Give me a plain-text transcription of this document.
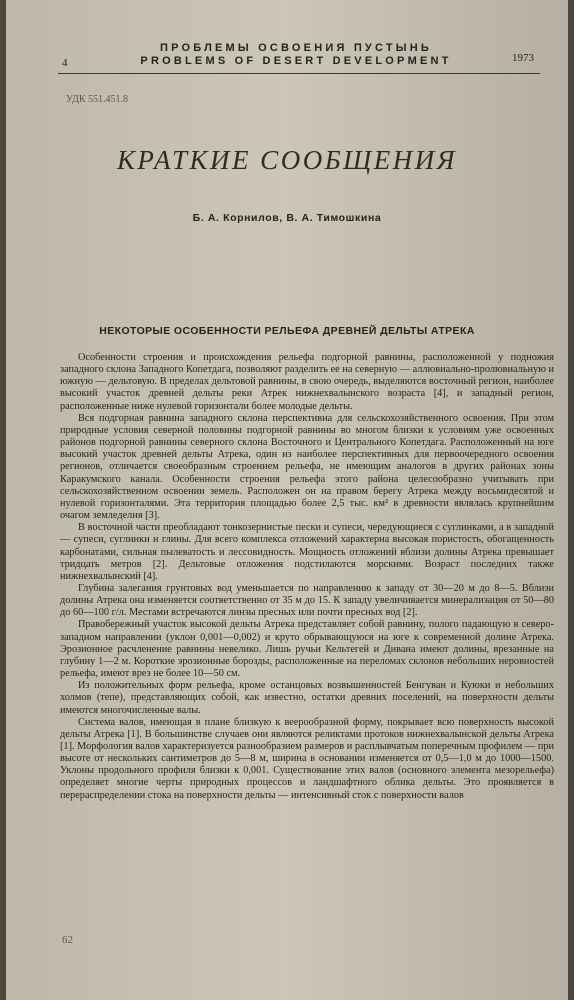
4
ПРОБЛЕМЫ ОСВОЕНИЯ ПУСТЫНЬ
PROBLEMS OF DESERT DEVELOPMENT	1973
УДК 551.451.8
КРАТКИЕ СООБЩЕНИЯ
Б. А. Корнилов, В. А. Тимошкина
НЕКОТОРЫЕ ОСОБЕННОСТИ РЕЛЬЕФА ДРЕВНЕЙ ДЕЛЬТЫ АТРЕКА

Особенности строения и происхождения рельефа подгорной равнины, расположенной у подножия западного склона Западного Копетдага, позволяют разделить ее на северную — аллювиально-пролювиальную и южную — дельтовую. В пределах дельтовой равнины, в свою очередь, выделяются восточный регион, наиболее высокий участок древней дельты реки Атрек нижнехвалынского возраста [4], и западный регион, расположенные ниже нулевой горизонтали более молодые дельты.

Вся подгорная равнина западного склона перспективна для сельскохозяйственного освоения. При этом природные условия северной половины подгорной равнины во многом близки к условиям уже освоенных районов подгорной равнины северного склона Восточного и Центрального Копетдага. Расположенный на юге высокий участок древней дельты Атрека, один из наиболее перспективных для первоочередного освоения регионов, отличается своеобразным строением рельефа, не имеющим аналогов в других районах зоны Каракумского канала. Особенности строения рельефа этого района целесообразно учитывать при сельскохозяйственном освоении земель. Расположен он на правом берегу Атрека между восьмидесятой и нулевой горизонталями. Эта территория площадью более 2,5 тыс. км² в древности являлась крупнейшим очагом земледелия [3].

В восточной части преобладают тонкозернистые пески и супеси, чередующиеся с суглинками, а в западной — супеси, суглинки и глины. Для всего комплекса отложений характерна высокая пористость, обогащенность карбонатами, сильная пылеватость и лессовидность. Мощность отложений вблизи долины Атрека превышает тридцать метров [2]. Дельтовые отложения подстилаются морскими. Возраст последних также нижнехвалынский [4].

Глубина залегания грунтовых вод уменьшается по направлению к западу от 30—20 м до 8—5. Вблизи долины Атрека она изменяется соответственно от 35 м до 15. К западу увеличивается минерализация от 50—80 до 60—100 г/л. Местами встречаются линзы пресных или почти пресных вод [2].

Правобережный участок высокой дельты Атрека представляет собой равнину, полого падающую в северо-западном направлении (уклон 0,001—0,002) и круто обрывающуюся на юге к современной долине Атрека. Эрозионное расчленение равнины невелико. Лишь ручьи Кельтегей и Дивана имеют долины, врезанные на глубину 1—2 м. Короткие эрозионные борозды, расположенные на переломах склонов небольших неровностей рельефа, имеют врез не более 10—50 см.

Из положительных форм рельефа, кроме останцовых возвышенностей Бенгуван и Куюки и небольших холмов (тепе), представляющих собой, как известно, остатки древних поселений, на поверхности дельты имеются многочисленные валы.

Система валов, имеющая в плане близкую к веерообразной форму, покрывает всю поверхность высокой дельты Атрека [1]. В большинстве случаев они являются реликтами протоков нижнехвалынской дельты Атрека [1]. Морфология валов характеризуется разнообразием размеров и расплывчатым поперечным профилем — при высоте от нескольких сантиметров до 5—8 м, ширина в основании изменяется от 0,5—1,0 м до 1000—1500. Уклоны продольного профиля близки к 0,001. Существование этих валов (основного элемента мезорельефа) определяет многие черты природных процессов и ландшафтного облика дельты. Это проявляется в перераспределении стока на поверхности дельты — интенсивный сток с поверхности валов

62
